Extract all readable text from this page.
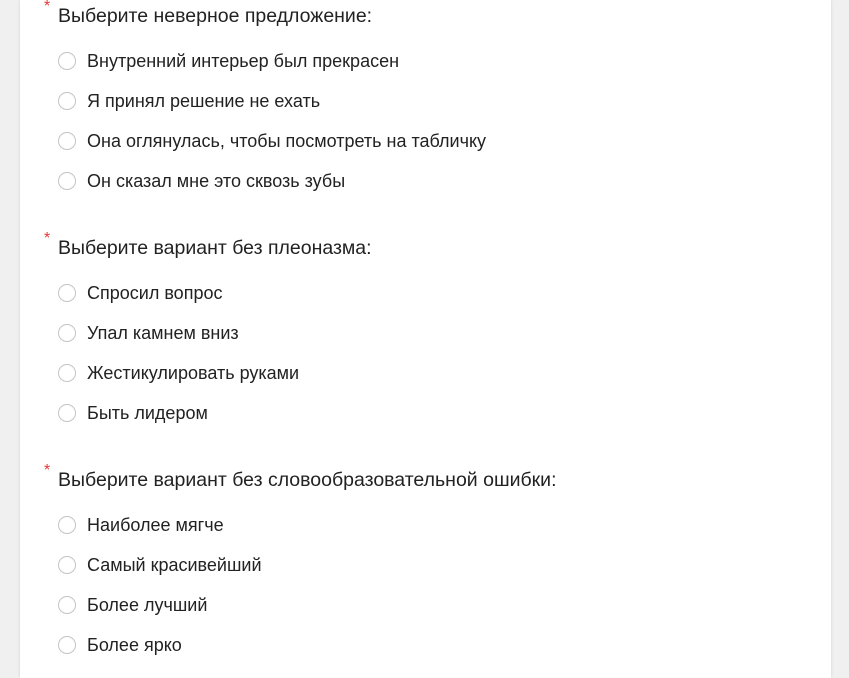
* Выберите неверное предложение:
Внутренний интерьер был прекрасен
Я принял решение не ехать
Она оглянулась, чтобы посмотреть на табличку
Он сказал мне это сквозь зубы
* Выберите вариант без плеоназма:
Спросил вопрос
Упал камнем вниз
Жестикулировать руками
Быть лидером
* Выберите вариант без словообразовательной ошибки:
Наиболее мягче
Самый красивейший
Более лучший
Более ярко
